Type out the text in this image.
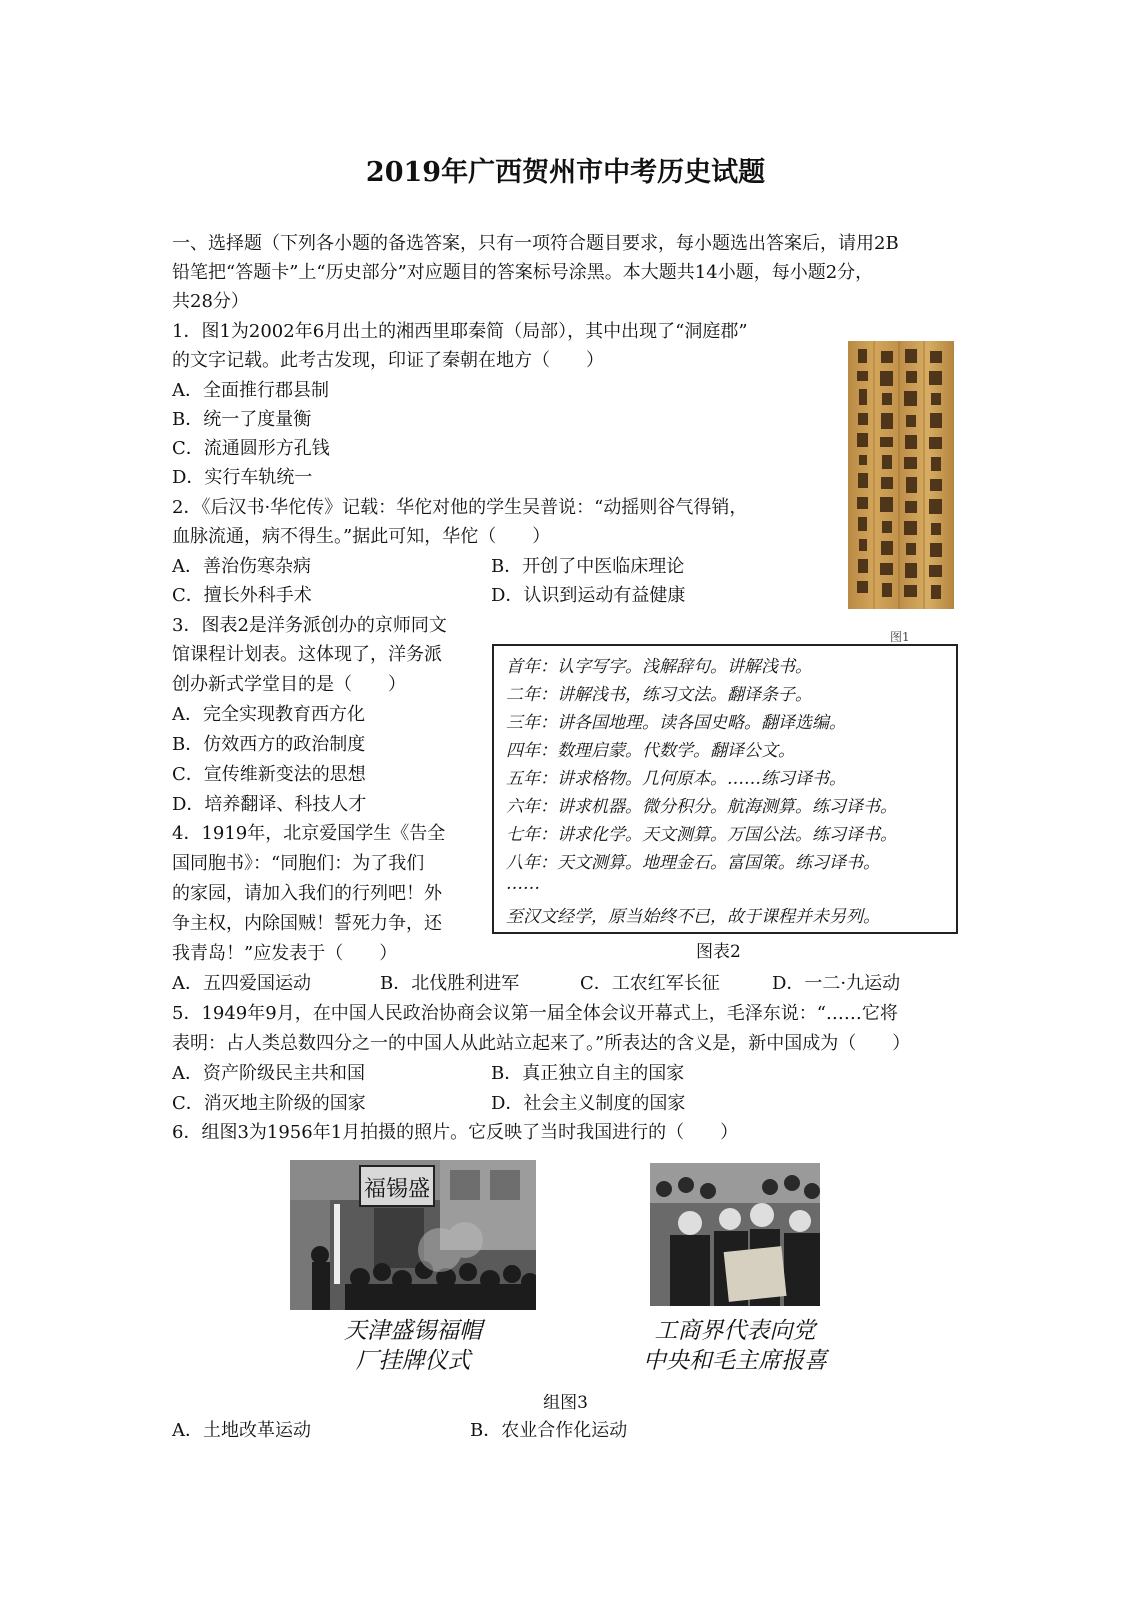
2019年广西贺州市中考历史试题
一、选择题（下列各小题的备选答案，只有一项符合题目要求，每小题选出答案后，请用2B
铅笔把“答题卡”上“历史部分”对应题目的答案标号涂黑。本大题共14小题，每小题2分，
共28分）
1．图1为2002年6月出土的湘西里耶秦简（局部），其中出现了“洞庭郡”
的文字记载。此考古发现，印证了秦朝在地方（　　）
A．全面推行郡县制
B．统一了度量衡
C．流通圆形方孔钱
D．实行车轨统一
图1
2．《后汉书·华佗传》记载：华佗对他的学生吴普说：“动摇则谷气得销，
血脉流通，病不得生。”据此可知，华佗（　　）
A．善治伤寒杂病	B．开创了中医临床理论
C．擅长外科手术	D．认识到运动有益健康
3．图表2是洋务派创办的京师同文
馆课程计划表。这体现了，洋务派
创办新式学堂目的是（　　）
A．完全实现教育西方化
B．仿效西方的政治制度
C．宣传维新变法的思想
D．培养翻译、科技人才
首年：认字写字。浅解辞句。讲解浅书。
二年：讲解浅书，练习文法。翻译条子。
三年：讲各国地理。读各国史略。翻译选编。
四年：数理启蒙。代数学。翻译公文。
五年：讲求格物。几何原本。……练习译书。
六年：讲求机器。微分积分。航海测算。练习译书。
七年：讲求化学。天文测算。万国公法。练习译书。
八年：天文测算。地理金石。富国策。练习译书。
……
至汉文经学，原当始终不已，故于课程并未另列。
图表2
4．1919年，北京爱国学生《告全
国同胞书》：“同胞们：为了我们
的家园，请加入我们的行列吧！外
争主权，内除国贼！誓死力争，还
我青岛！”应发表于（　　）
A．五四爱国运动	B．北伐胜利进军	C．工农红军长征	D．一二·九运动
5．1949年9月，在中国人民政治协商会议第一届全体会议开幕式上，毛泽东说：“……它将
表明：占人类总数四分之一的中国人从此站立起来了。”所表达的含义是，新中国成为（　　）
A．资产阶级民主共和国	B．真正独立自主的国家
C．消灭地主阶级的国家	D．社会主义制度的国家
6．组图3为1956年1月拍摄的照片。它反映了当时我国进行的（　　）
福锡盛
天津盛锡福帽
厂挂牌仪式
工商界代表向党
中央和毛主席报喜
组图3
A．土地改革运动	B．农业合作化运动
